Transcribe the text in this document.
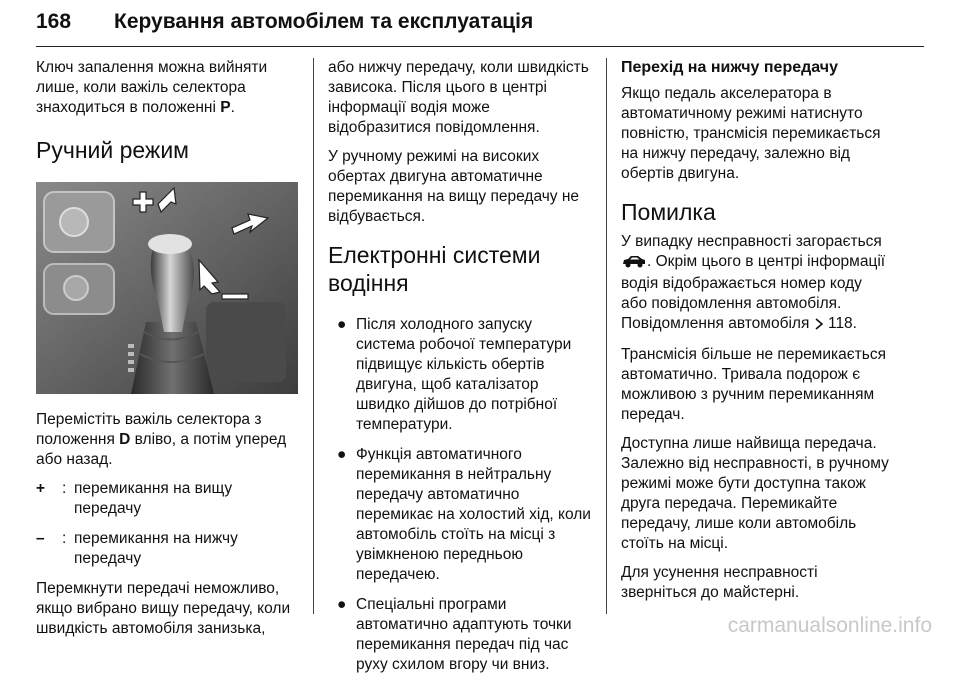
168 Керування автомобілем та експлуатація

Ключ запалення можна вийняти лише, коли важіль селектора знаходиться в положенні P.

Ручний режим

Перемістіть важіль селектора з положення D вліво, а потім уперед або назад.

+	: перемикання на вищу передачу
–	: перемикання на нижчу передачу

Перемкнути передачі неможливо, якщо вибрано вищу передачу, коли швидкість автомобіля занизька,

або нижчу передачу, коли швидкість зависока. Після цього в центрі інформації водія може відобразитися повідомлення.

У ручному режимі на високих обертах двигуна автоматичне перемикання на вищу передачу не відбувається.

Електронні системи водіння
● Після холодного запуску система робочої температури підвищує кількість обертів двигуна, щоб каталізатор швидко дійшов до потрібної температури.
● Функція автоматичного перемикання в нейтральну передачу автоматично перемикає на холостий хід, коли автомобіль стоїть на місці з увімкненою передньою передачею.
● Спеціальні програми автоматично адаптують точки перемикання передач під час руху схилом вгору чи вниз.
Перехід на нижчу передачу

Якщо педаль акселератора в автоматичному режимі натиснуто повністю, трансмісія перемикається на нижчу передачу, залежно від обертів двигуна.

Помилка

У випадку несправності загорається . Окрім цього в центрі інформації водія відображається номер коду або повідомлення автомобіля. Повідомлення автомобіля  118.

Трансмісія більше не перемикається автоматично. Тривала подорож є можливою з ручним перемиканням передач.

Доступна лише найвища передача. Залежно від несправності, в ручному режимі може бути доступна також друга передача. Перемикайте передачу, лише коли автомобіль стоїть на місці.

Для усунення несправності зверніться до майстерні.

carmanualsonline.info
